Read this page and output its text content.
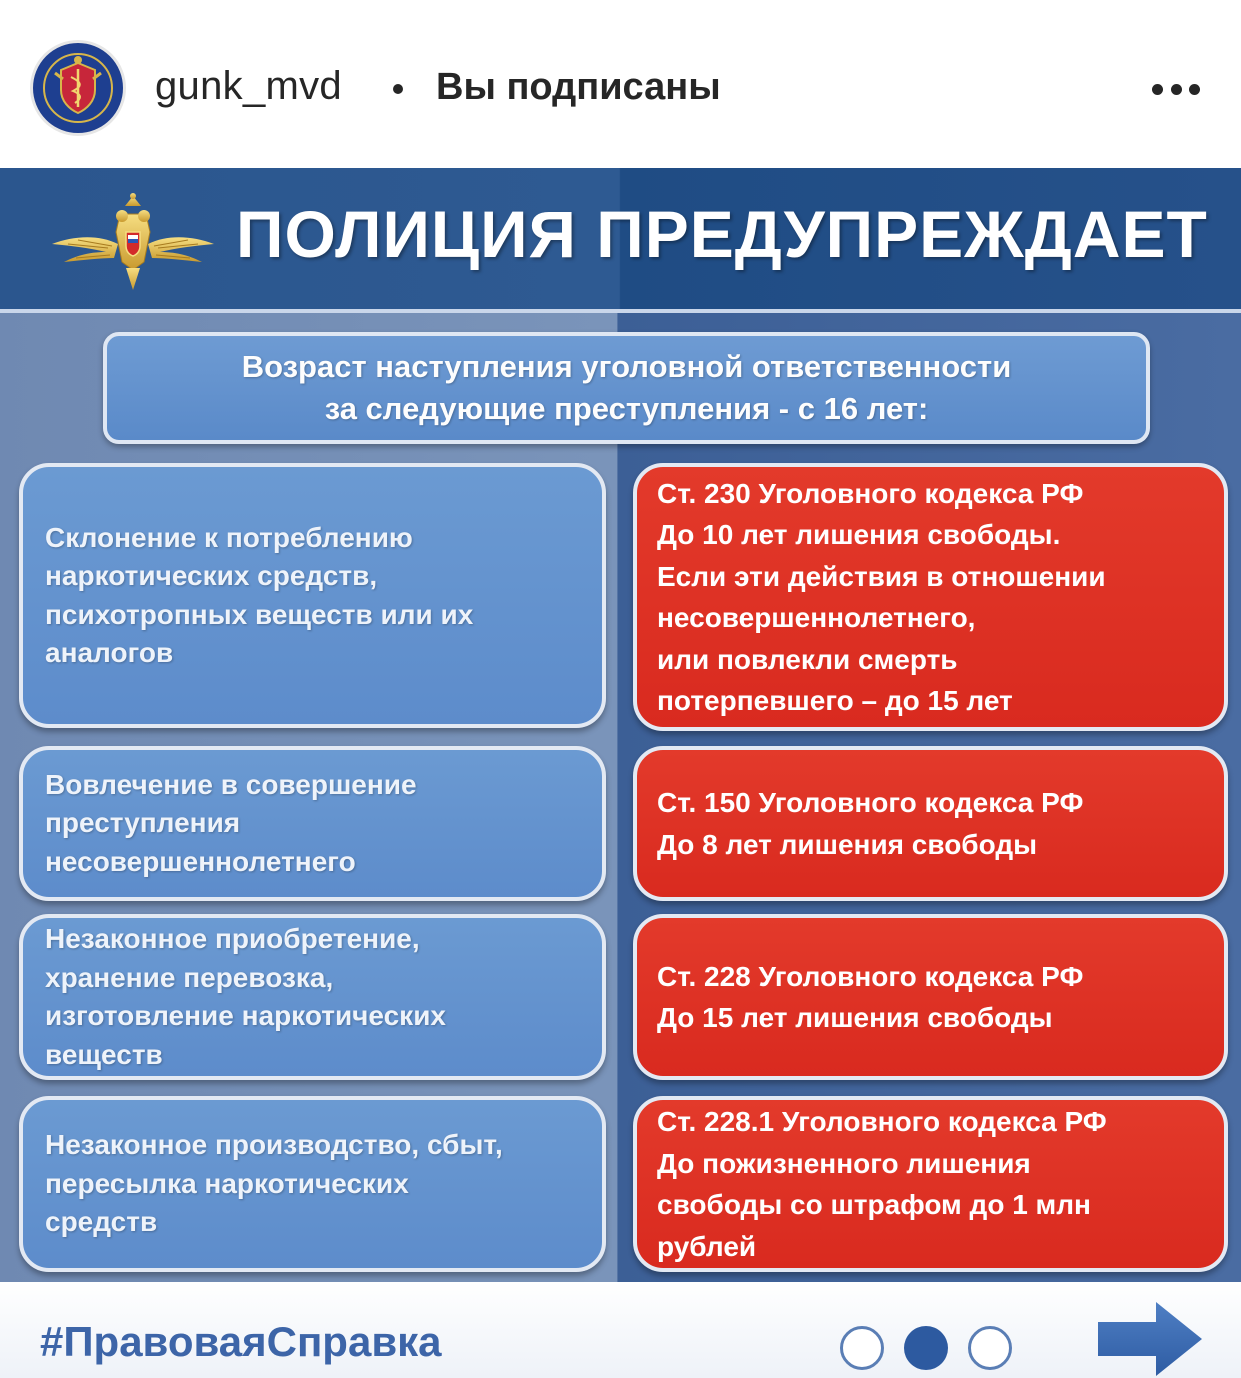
gunk_mvd Вы подписаны
ПОЛИЦИЯ ПРЕДУПРЕЖДАЕТ
Возраст наступления уголовной ответственности
за следующие преступления - с 16 лет:
Склонение к потреблению
наркотических средств,
психотропных веществ или их
аналогов
Ст. 230 Уголовного кодекса РФ
До 10 лет лишения свободы.
Если эти действия в отношении
несовершеннолетнего,
или повлекли смерть
потерпевшего – до 15 лет
Вовлечение в совершение
преступления
несовершеннолетнего
Ст. 150 Уголовного кодекса РФ
До 8 лет лишения свободы
Незаконное приобретение,
хранение перевозка,
изготовление наркотических
веществ
Ст. 228 Уголовного кодекса РФ
До 15 лет лишения свободы
Незаконное производство, сбыт,
пересылка наркотических
средств
Ст. 228.1 Уголовного кодекса РФ
До пожизненного лишения
свободы со штрафом до 1 млн
рублей
#ПравоваяСправка
